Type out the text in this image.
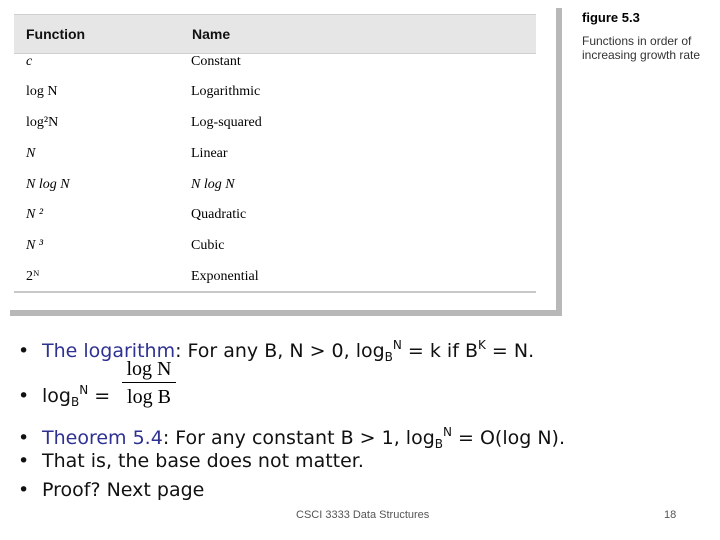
Function	Name
c	Constant
log N	Logarithmic
log²N	Log-squared
N	Linear
N log N	N log N
N ²	Quadratic
N ³	Cubic
2ᴺ	Exponential
figure 5.3
Functions in order of increasing growth rate
• The logarithm: For any B, N > 0, $\log_B^N = k$ if $B^K = N$.
• $\log_B^N$ =
log N
log B
• Theorem 5.4: For any constant B > 1, $\log_B^N = O(\log$ N).
• That is, the base does not matter.
• Proof? Next page
CSCI 3333 Data Structures	18
